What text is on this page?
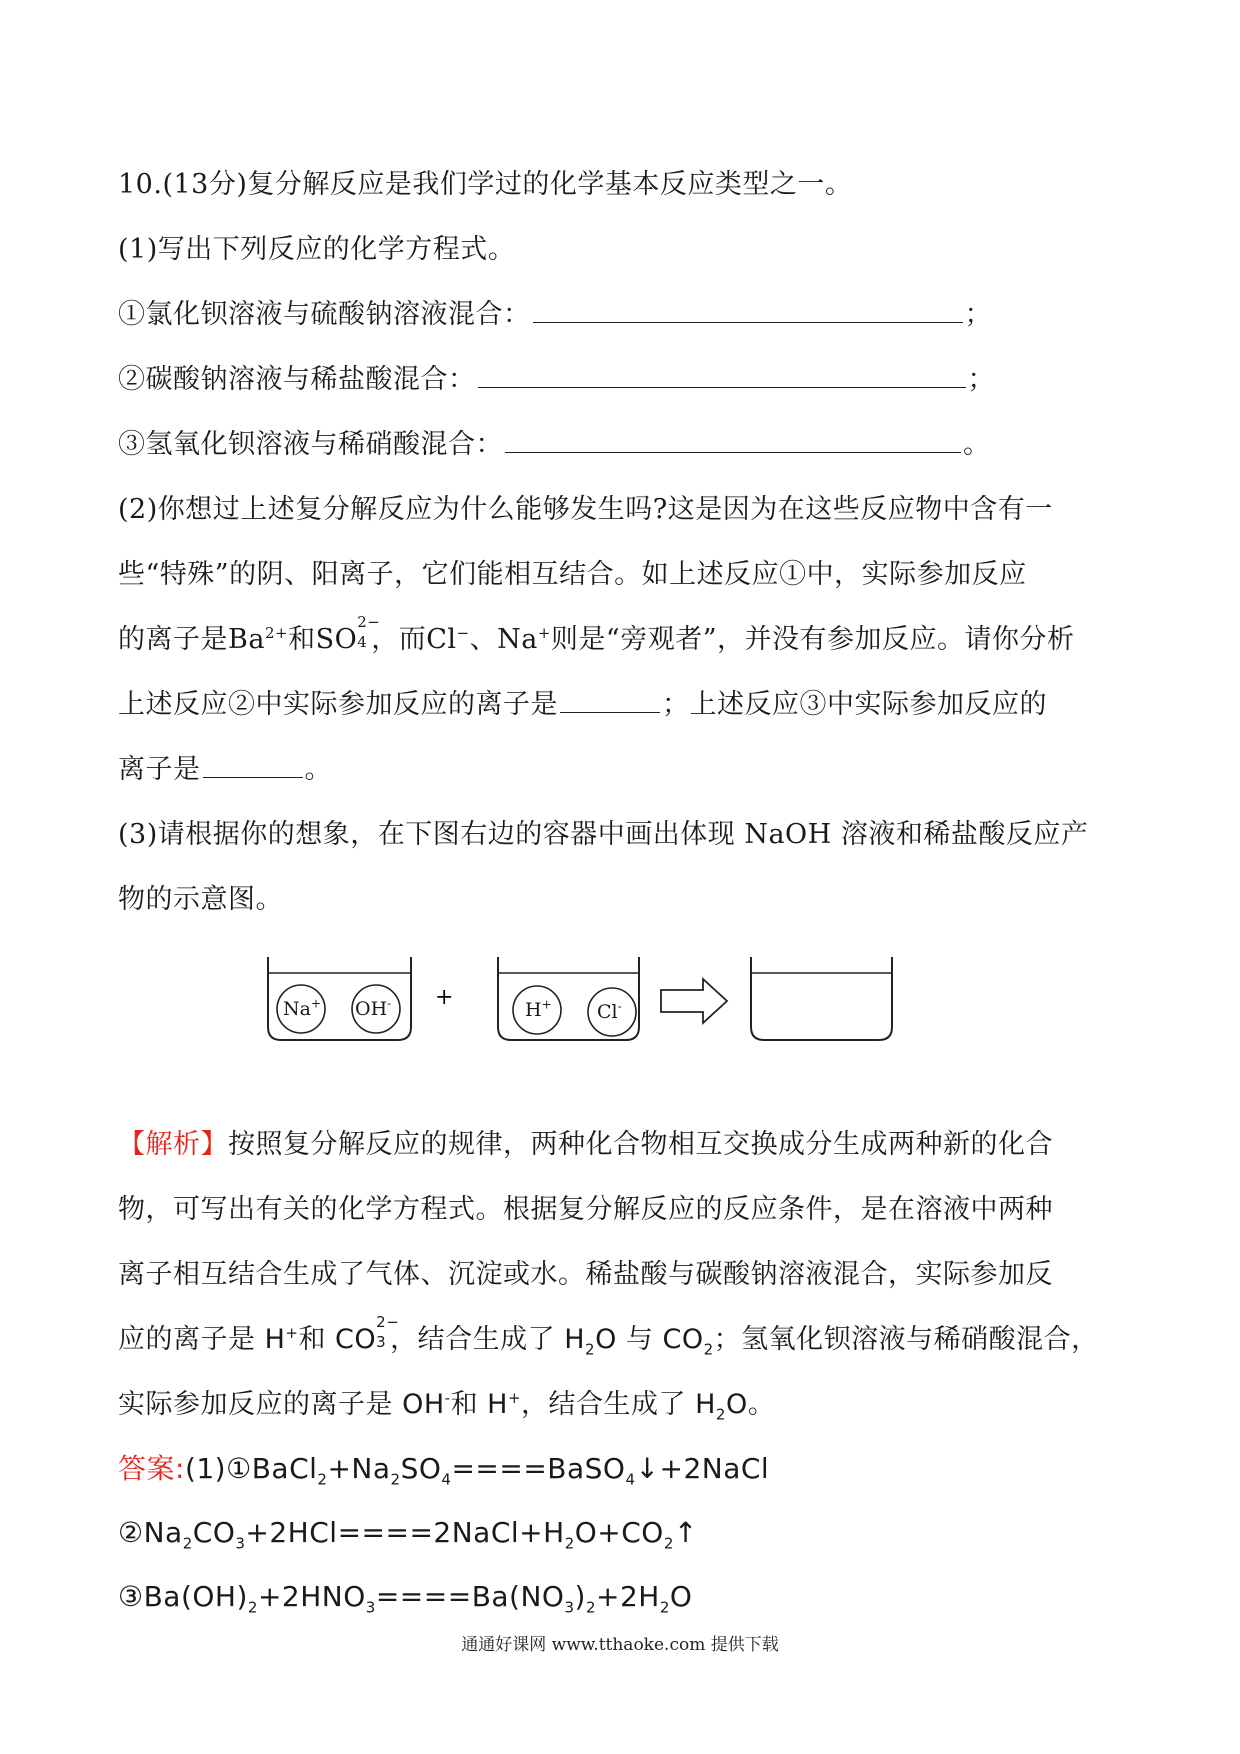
10.(13分)复分解反应是我们学过的化学基本反应类型之一。
(1)写出下列反应的化学方程式。
①氯化钡溶液与硫酸钠溶液混合：	；
②碳酸钠溶液与稀盐酸混合：	；
③氢氧化钡溶液与稀硝酸混合：	。
(2)你想过上述复分解反应为什么能够发生吗?这是因为在这些反应物中含有一
些“特殊”的阴、阳离子，它们能相互结合。如上述反应①中，实际参加反应
的离子是$Ba^{2+}$和SO
2−
4 ，而Cl−、Na+则是“旁观者”，并没有参加反应。请你分析
上述反应②中实际参加反应的离子是	；上述反应③中实际参加反应的
离子是	。
(3)请根据你的想象，在下图右边的容器中画出体现 NaOH 溶液和稀盐酸反应产
物的示意图。
+
Na+ OH-	H+ Cl-
【解析】按照复分解反应的规律，两种化合物相互交换成分生成两种新的化合
物，可写出有关的化学方程式。根据复分解反应的反应条件，是在溶液中两种
离子相互结合生成了气体、沉淀或水。稀盐酸与碳酸钠溶液混合，实际参加反
应的离子是 H+和 CO
2−
3 ，结合生成了 $H_2O$ 与 $CO_2$；氢氧化钡溶液与稀硝酸混合，
实际参加反应的离子是 OH-和 H+，结合生成了 $H_2O$。
答案$:(1)①BaCl_2+Na_2SO_4====BaSO_4↓+2NaCl$
$②Na_2CO_3+2HCl====2NaCl+H_2O+CO_2↑$
$③Ba(OH)_2+2HNO_3====Ba(NO_3)_2+2H_2O$
通通好课网 www.tthaoke.com 提供下载
